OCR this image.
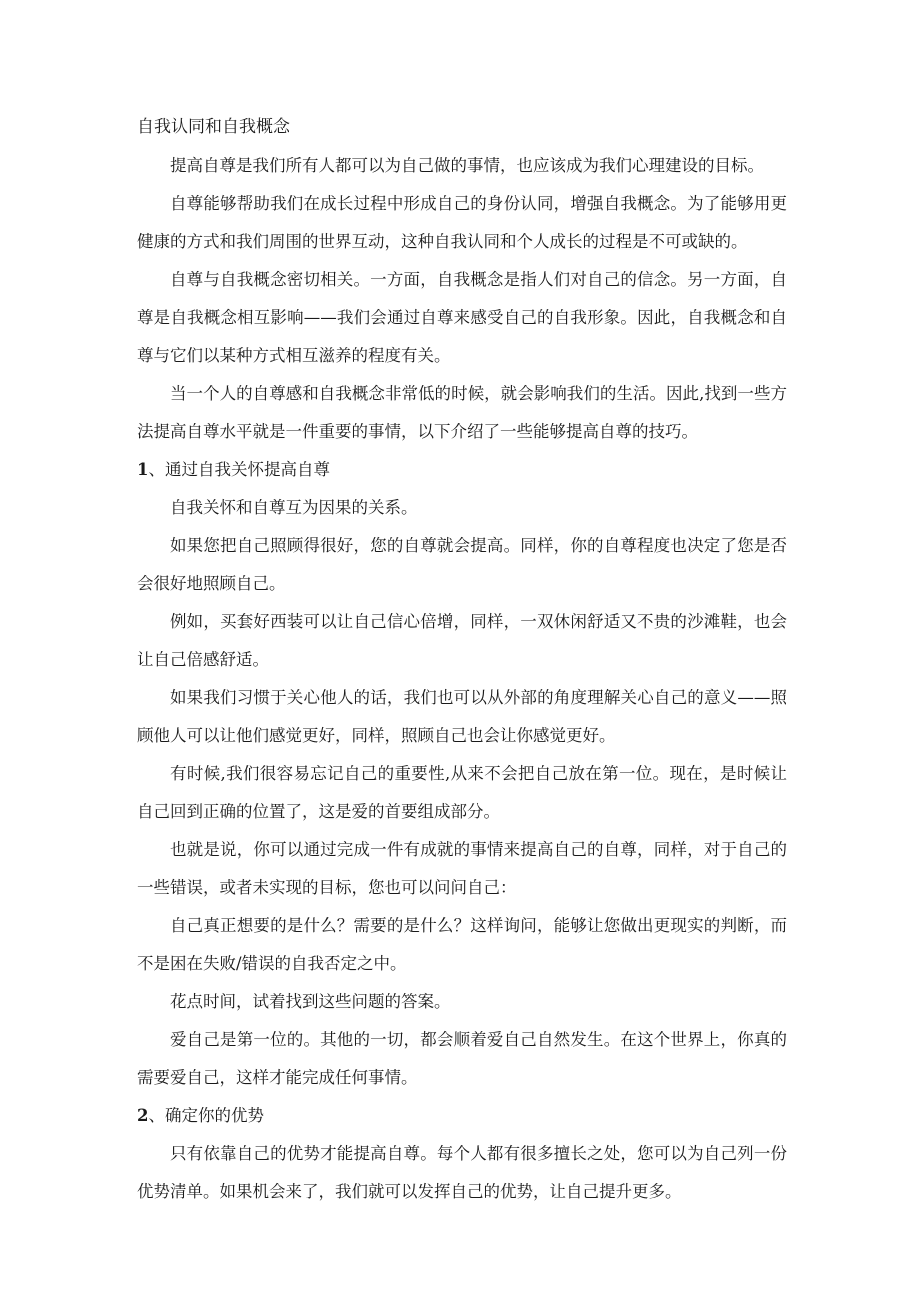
自我认同和自我概念

提高自尊是我们所有人都可以为自己做的事情，也应该成为我们心理建设的目标。

自尊能够帮助我们在成长过程中形成自己的身份认同，增强自我概念。为了能够用更健康的方式和我们周围的世界互动，这种自我认同和个人成长的过程是不可或缺的。

自尊与自我概念密切相关。一方面，自我概念是指人们对自己的信念。另一方面，自尊是自我概念相互影响——我们会通过自尊来感受自己的自我形象。因此，自我概念和自尊与它们以某种方式相互滋养的程度有关。

当一个人的自尊感和自我概念非常低的时候，就会影响我们的生活。因此,找到一些方法提高自尊水平就是一件重要的事情，以下介绍了一些能够提高自尊的技巧。

1、通过自我关怀提高自尊

自我关怀和自尊互为因果的关系。

如果您把自己照顾得很好，您的自尊就会提高。同样，你的自尊程度也决定了您是否会很好地照顾自己。

例如，买套好西装可以让自己信心倍增，同样，一双休闲舒适又不贵的沙滩鞋，也会让自己倍感舒适。

如果我们习惯于关心他人的话，我们也可以从外部的角度理解关心自己的意义——照顾他人可以让他们感觉更好，同样，照顾自己也会让你感觉更好。

有时候,我们很容易忘记自己的重要性,从来不会把自己放在第一位。现在，是时候让自己回到正确的位置了，这是爱的首要组成部分。

也就是说，你可以通过完成一件有成就的事情来提高自己的自尊，同样，对于自己的一些错误，或者未实现的目标，您也可以问问自己：

自己真正想要的是什么？需要的是什么？这样询问，能够让您做出更现实的判断，而不是困在失败/错误的自我否定之中。

花点时间，试着找到这些问题的答案。

爱自己是第一位的。其他的一切，都会顺着爱自己自然发生。在这个世界上，你真的需要爱自己，这样才能完成任何事情。

2、确定你的优势

只有依靠自己的优势才能提高自尊。每个人都有很多擅长之处，您可以为自己列一份优势清单。如果机会来了，我们就可以发挥自己的优势，让自己提升更多。
